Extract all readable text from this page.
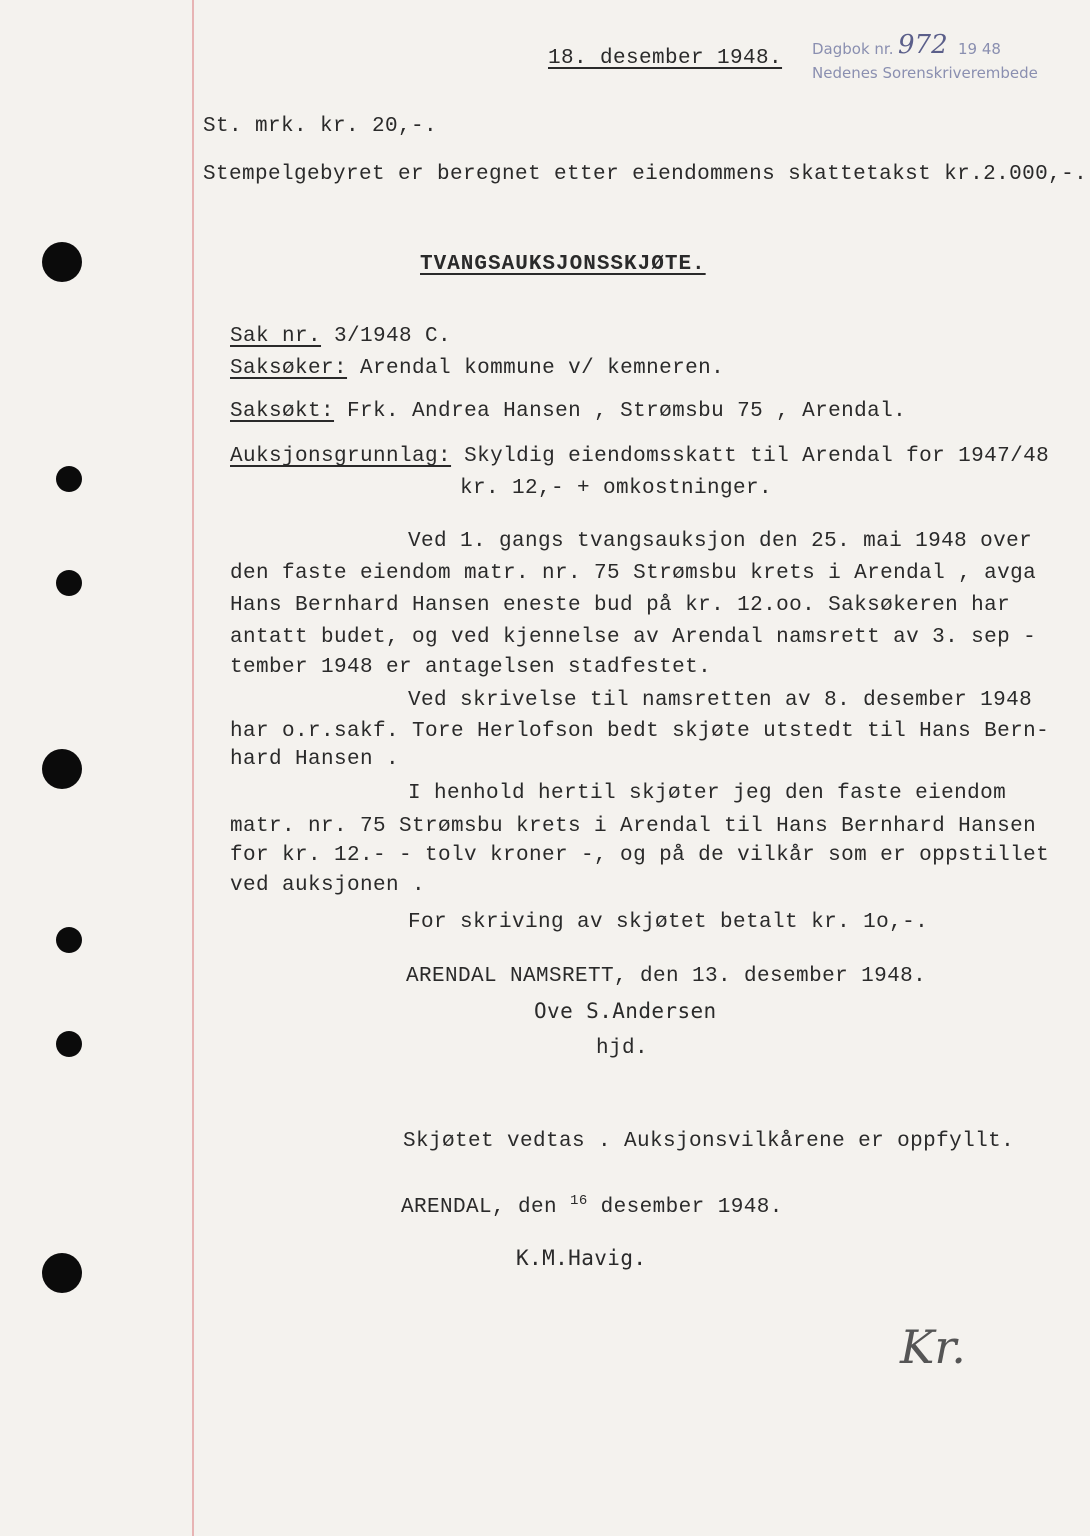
18. desember 1948. Dagbok nr. 972 19 48
Nedenes Sorenskriverembede
St. mrk. kr. 20,-.
Stempelgebyret er beregnet etter eiendommens skattetakst kr.2.000,-.
TVANGSAUKSJONSSKJØTE.
Sak nr. 3/1948 C.
Saksøker: Arendal kommune v/ kemneren.
Saksøkt: Frk. Andrea Hansen , Strømsbu 75 , Arendal.
Auksjonsgrunnlag: Skyldig eiendomsskatt til Arendal for 1947/48
kr. 12,- + omkostninger.
Ved 1. gangs tvangsauksjon den 25. mai 1948 over
den faste eiendom matr. nr. 75 Strømsbu krets i Arendal , avga
Hans Bernhard Hansen eneste bud på kr. 12.oo. Saksøkeren har
antatt budet, og ved kjennelse av Arendal namsrett av 3. sep -
tember 1948 er antagelsen stadfestet.
Ved skrivelse til namsretten av 8. desember 1948
har o.r.sakf. Tore Herlofson bedt skjøte utstedt til Hans Bern-
hard Hansen .
I henhold hertil skjøter jeg den faste eiendom
matr. nr. 75 Strømsbu krets i Arendal til Hans Bernhard Hansen
for kr. 12.- - tolv kroner -, og på de vilkår som er oppstillet
ved auksjonen .
For skriving av skjøtet betalt kr. 1o,-.
ARENDAL NAMSRETT, den 13. desember 1948.
Ove S.Andersen
hjd.
Skjøtet vedtas . Auksjonsvilkårene er oppfyllt.
ARENDAL, den $^{16}$ desember 1948.
K.M.Havig.
Kr.
